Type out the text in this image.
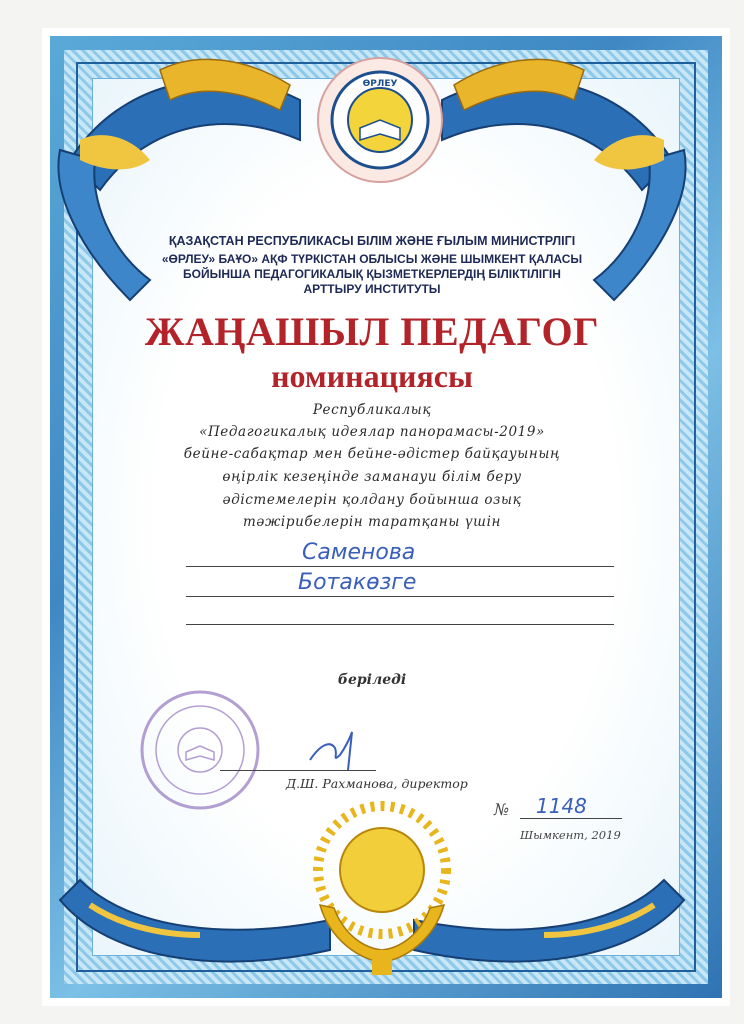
ӨРЛЕУ
ҚАЗАҚСТАН РЕСПУБЛИКАСЫ БІЛІМ ЖӘНЕ ҒЫЛЫМ МИНИСТРЛІГІ
«ӨРЛЕУ» БАҰО» АҚФ ТҮРКІСТАН ОБЛЫСЫ ЖӘНЕ ШЫМКЕНТ ҚАЛАСЫ
БОЙЫНША ПЕДАГОГИКАЛЫҚ ҚЫЗМЕТКЕРЛЕРДІҢ БІЛІКТІЛІГІН
АРТТЫРУ ИНСТИТУТЫ
ЖАҢАШЫЛ ПЕДАГОГ
номинациясы
Республикалық
«Педагогикалық идеялар панорамасы-2019»
бейне-сабақтар мен бейне-әдістер байқауының
өңірлік кезеңінде заманауи білім беру
әдістемелерін қолдану бойынша озық
тәжірибелерін таратқаны үшін
Саменова
Ботакөзге
беріледі
Д.Ш. Рахманова, директор
№ 1148
Шымкент, 2019
